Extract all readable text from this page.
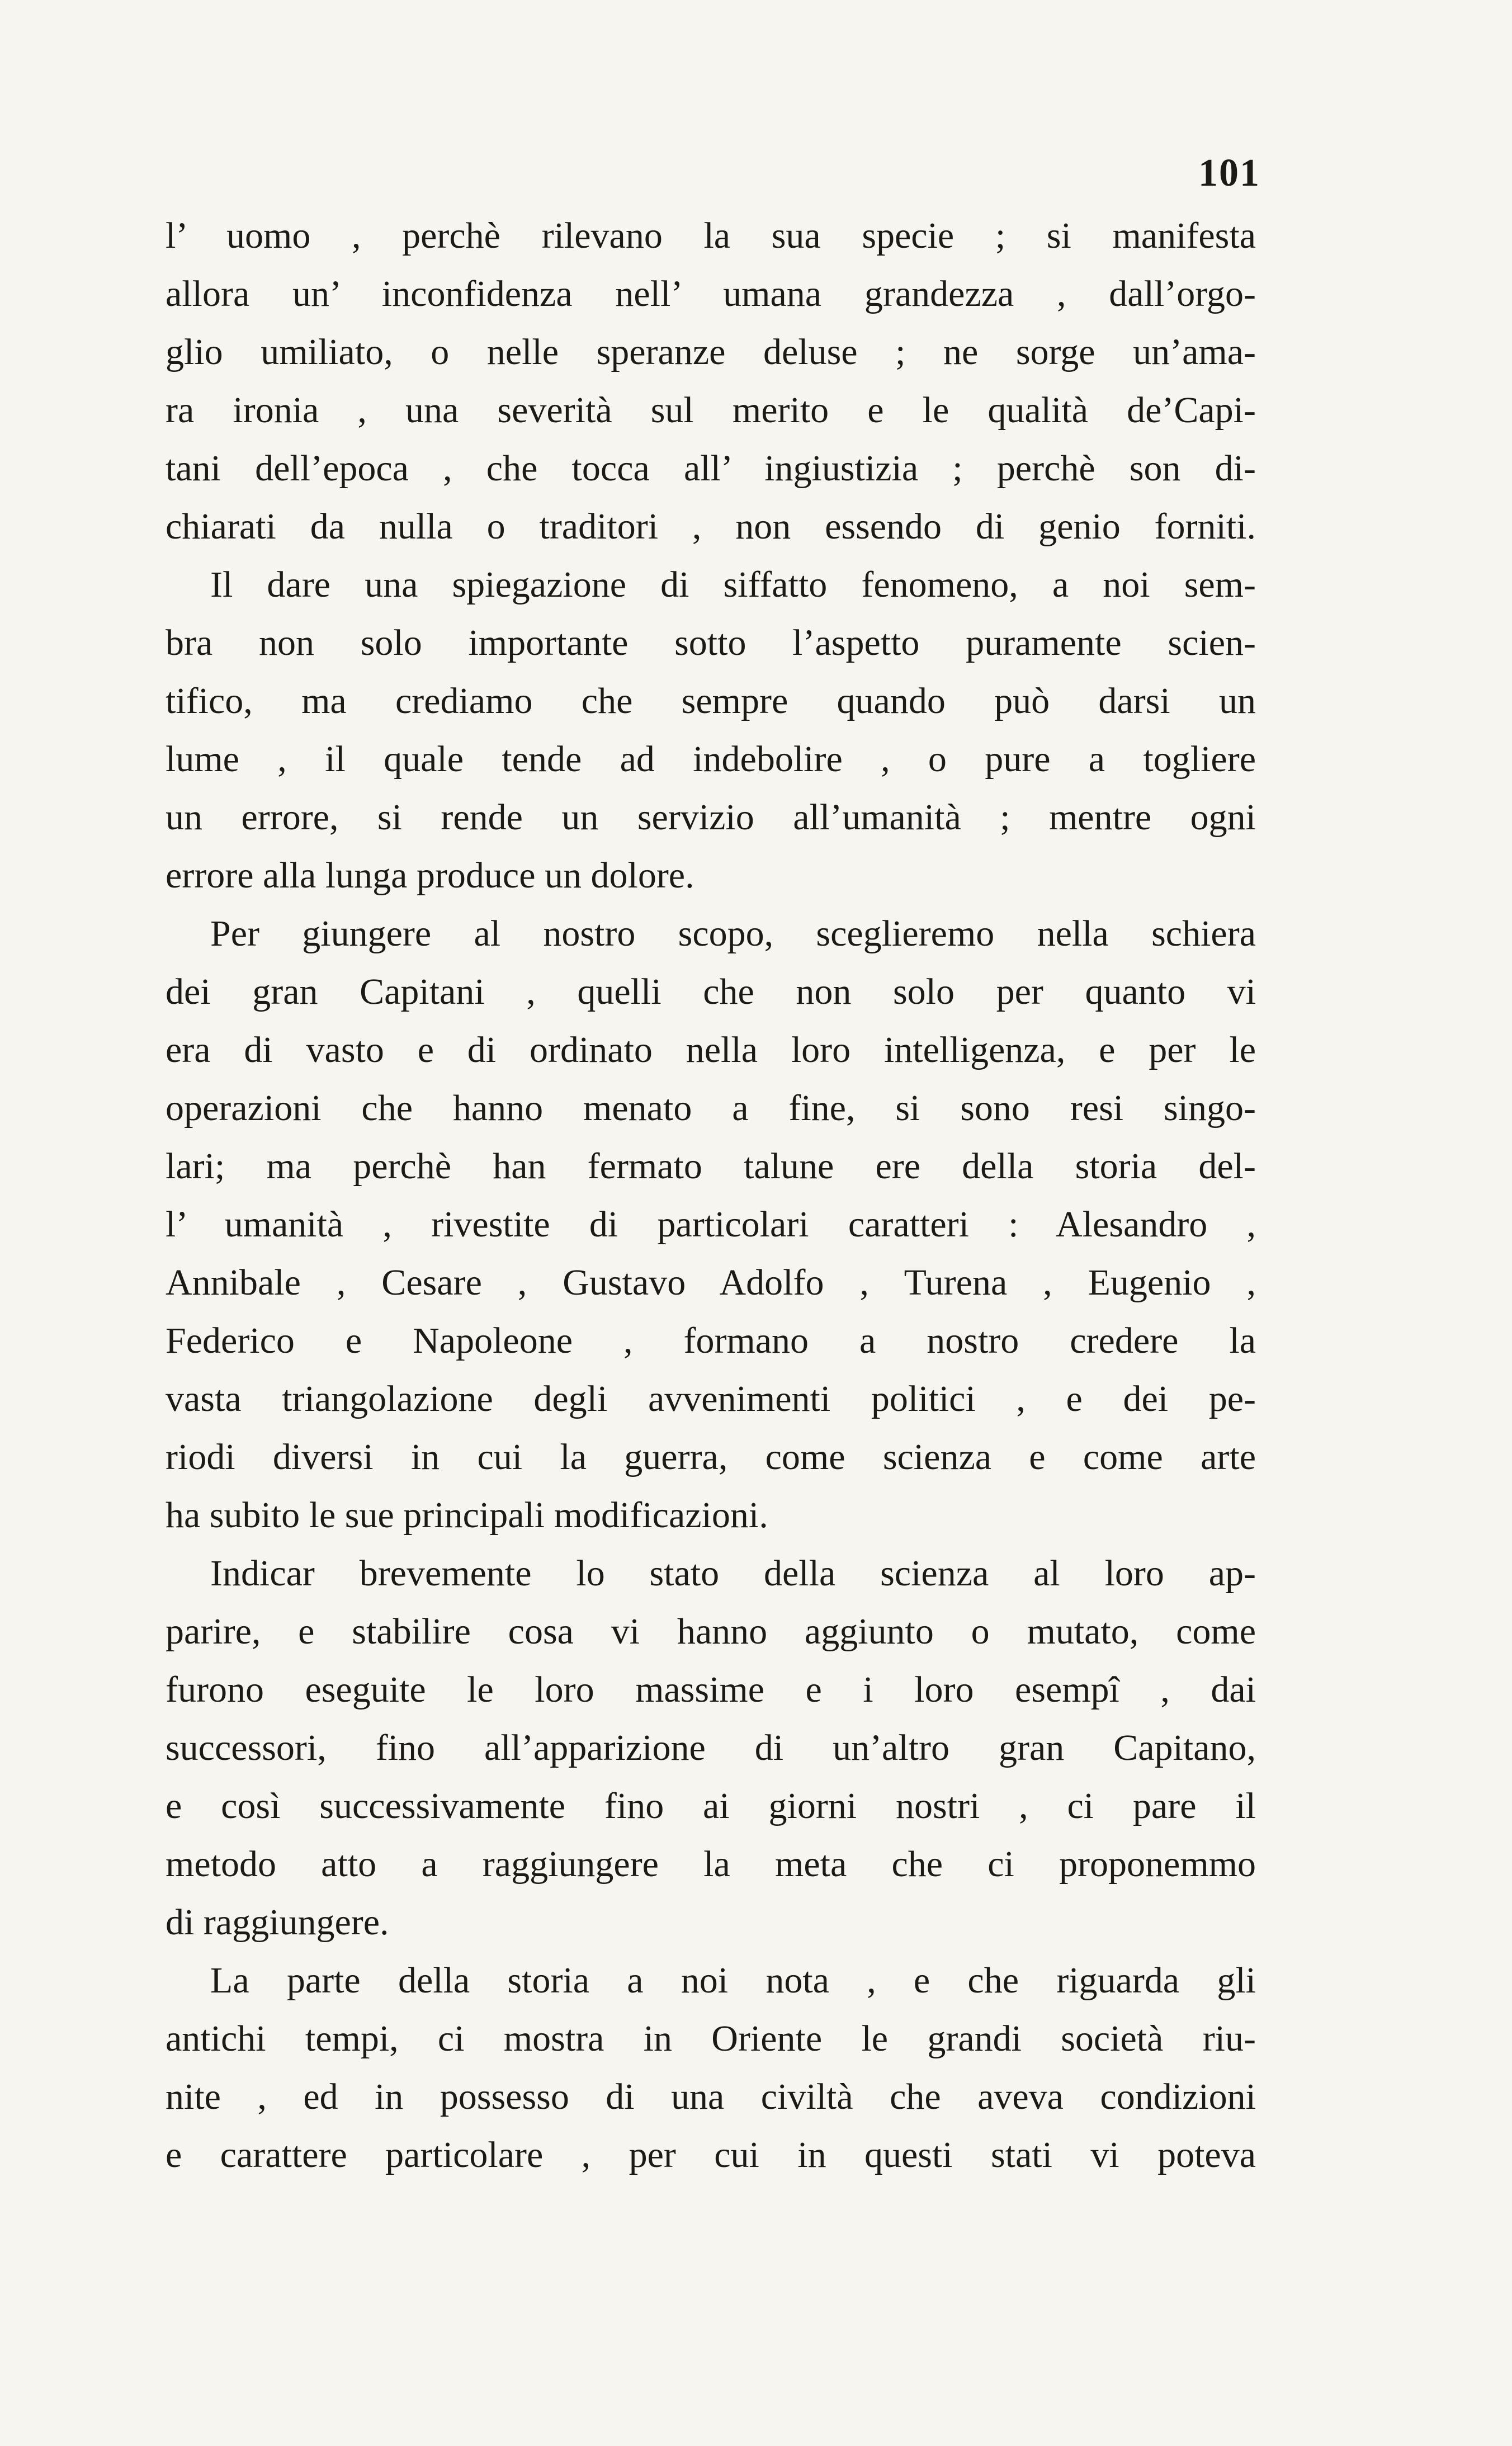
101
l’ uomo , perchè rilevano la sua specie ; si manifesta
allora un’ inconfidenza nell’ umana grandezza , dall’orgo-
glio umiliato, o nelle speranze deluse ; ne sorge un’ama-
ra ironia , una severità sul merito e le qualità de’Capi-
tani dell’epoca , che tocca all’ ingiustizia ; perchè son di-
chiarati da nulla o traditori , non essendo di genio forniti.
Il dare una spiegazione di siffatto fenomeno, a noi sem-
bra non solo importante sotto l’aspetto puramente scien-
tifico, ma crediamo che sempre quando può darsi un
lume , il quale tende ad indebolire , o pure a togliere
un errore, si rende un servizio all’umanità ; mentre ogni
errore alla lunga produce un dolore.
Per giungere al nostro scopo, sceglieremo nella schiera
dei gran Capitani , quelli che non solo per quanto vi
era di vasto e di ordinato nella loro intelligenza, e per le
operazioni che hanno menato a fine, si sono resi singo-
lari; ma perchè han fermato talune ere della storia del-
l’ umanità , rivestite di particolari caratteri : Alesandro ,
Annibale , Cesare , Gustavo Adolfo , Turena , Eugenio ,
Federico e Napoleone , formano a nostro credere la
vasta triangolazione degli avvenimenti politici , e dei pe-
riodi diversi in cui la guerra, come scienza e come arte
ha subito le sue principali modificazioni.
Indicar brevemente lo stato della scienza al loro ap-
parire, e stabilire cosa vi hanno aggiunto o mutato, come
furono eseguite le loro massime e i loro esempî , dai
successori, fino all’apparizione di un’altro gran Capitano,
e così successivamente fino ai giorni nostri , ci pare il
metodo atto a raggiungere la meta che ci proponemmo
di raggiungere.
La parte della storia a noi nota , e che riguarda gli
antichi tempi, ci mostra in Oriente le grandi società riu-
nite , ed in possesso di una civiltà che aveva condizioni
e carattere particolare , per cui in questi stati vi poteva
